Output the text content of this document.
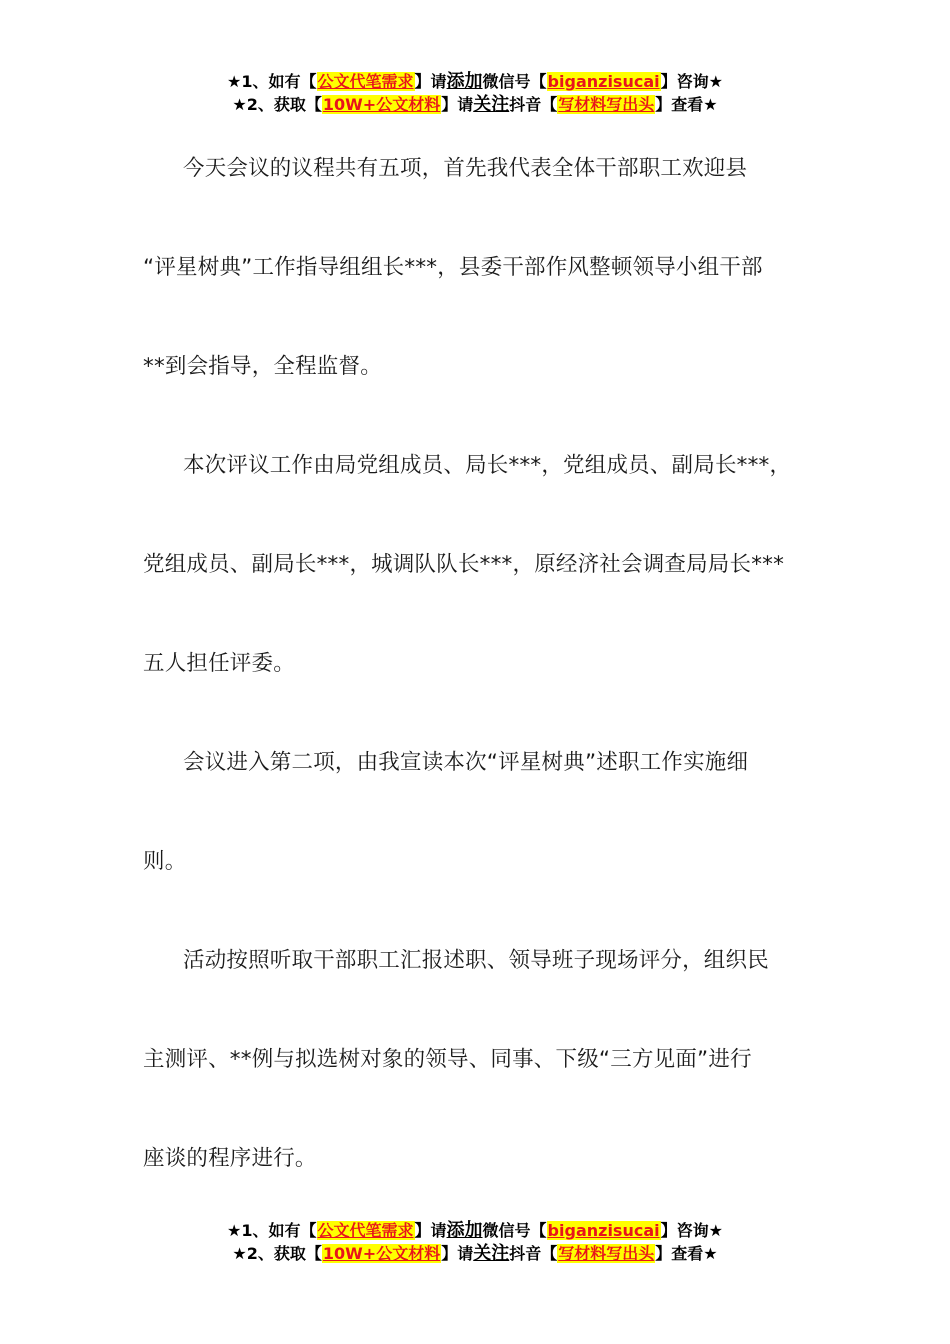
★1、如有【公文代笔需求】请添加微信号【biganzisucai】咨询★
★2、获取【10W+公文材料】请关注抖音【写材料写出头】查看★

今天会议的议程共有五项，首先我代表全体干部职工欢迎县
“评星树典”工作指导组组长***，县委干部作风整顿领导小组干部
**到会指导，全程监督。

本次评议工作由局党组成员、局长***，党组成员、副局长***，
党组成员、副局长***，城调队队长***，原经济社会调查局局长***
五人担任评委。

会议进入第二项，由我宣读本次“评星树典”述职工作实施细
则。

活动按照听取干部职工汇报述职、领导班子现场评分，组织民
主测评、**例与拟选树对象的领导、同事、下级“三方见面”进行
座谈的程序进行。

★1、如有【公文代笔需求】请添加微信号【biganzisucai】咨询★
★2、获取【10W+公文材料】请关注抖音【写材料写出头】查看★
